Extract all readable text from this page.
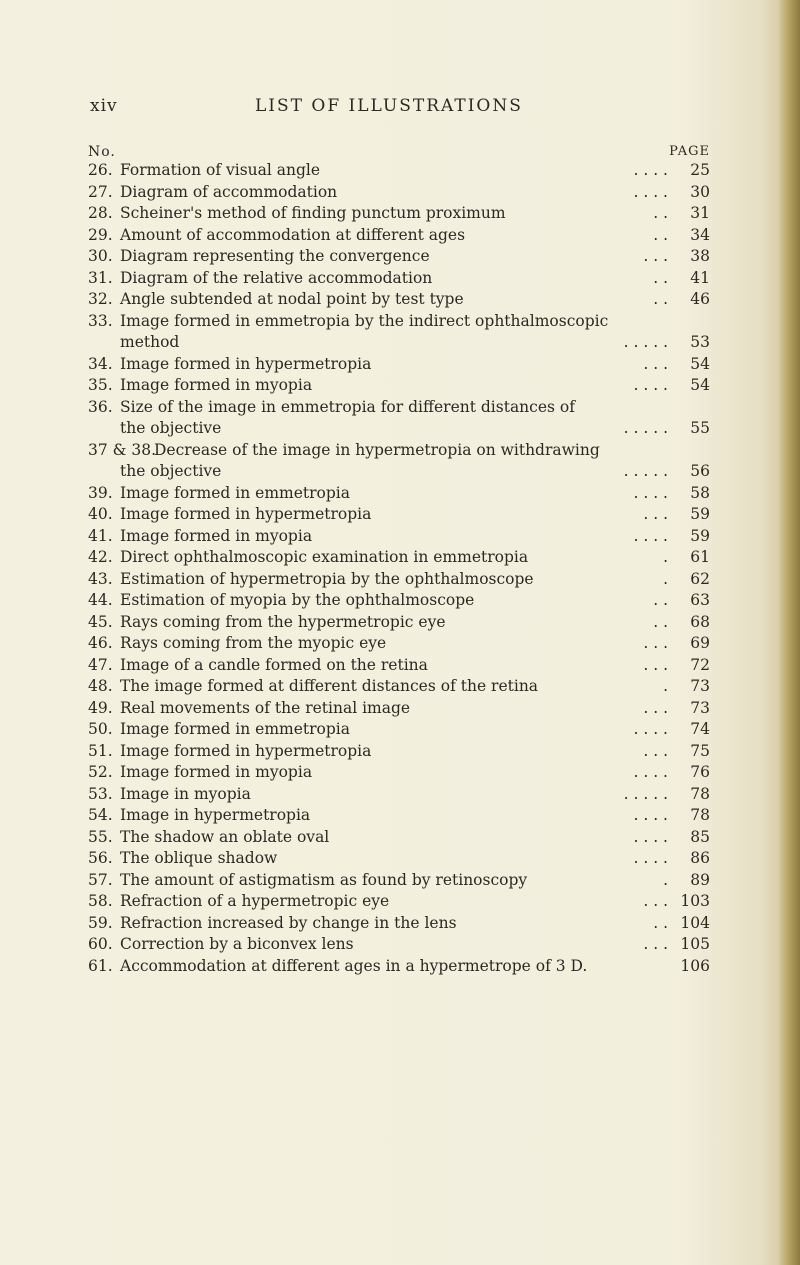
xiv	LIST OF ILLUSTRATIONS
No.	PAGE
26. Formation of visual angle	. . . . 25
27. Diagram of accommodation	. . . . 30
28. Scheiner's method of finding punctum proximum	. . 31
29. Amount of accommodation at different ages	. . 34
30. Diagram representing the convergence	. . . 38
31. Diagram of the relative accommodation	. . 41
32. Angle subtended at nodal point by test type	. . 46
33. Image formed in emmetropia by the indirect ophthalmoscopic
method	. . . . . 53
34. Image formed in hypermetropia	. . . 54
35. Image formed in myopia	. . . . 54
36. Size of the image in emmetropia for different distances of
the objective	. . . . . 55
37 & 38.
Decrease of the image in hypermetropia on withdrawing
the objective	. . . . . 56
39. Image formed in emmetropia	. . . . 58
40. Image formed in hypermetropia	. . . 59
41. Image formed in myopia	. . . . 59
42. Direct ophthalmoscopic examination in emmetropia	. 61
43. Estimation of hypermetropia by the ophthalmoscope	. 62
44. Estimation of myopia by the ophthalmoscope	. . 63
45. Rays coming from the hypermetropic eye	. . 68
46. Rays coming from the myopic eye	. . . 69
47. Image of a candle formed on the retina	. . . 72
48. The image formed at different distances of the retina	. 73
49. Real movements of the retinal image	. . . 73
50. Image formed in emmetropia	. . . . 74
51. Image formed in hypermetropia	. . . 75
52. Image formed in myopia	. . . . 76
53. Image in myopia	. . . . . 78
54. Image in hypermetropia	. . . . 78
55. The shadow an oblate oval	. . . . 85
56. The oblique shadow	. . . . 86
57. The amount of astigmatism as found by retinoscopy	. 89
58. Refraction of a hypermetropic eye	. . . 103
59. Refraction increased by change in the lens	. . 104
60. Correction by a biconvex lens	. . . 105
61. Accommodation at different ages in a hypermetrope of 3 D.	106
